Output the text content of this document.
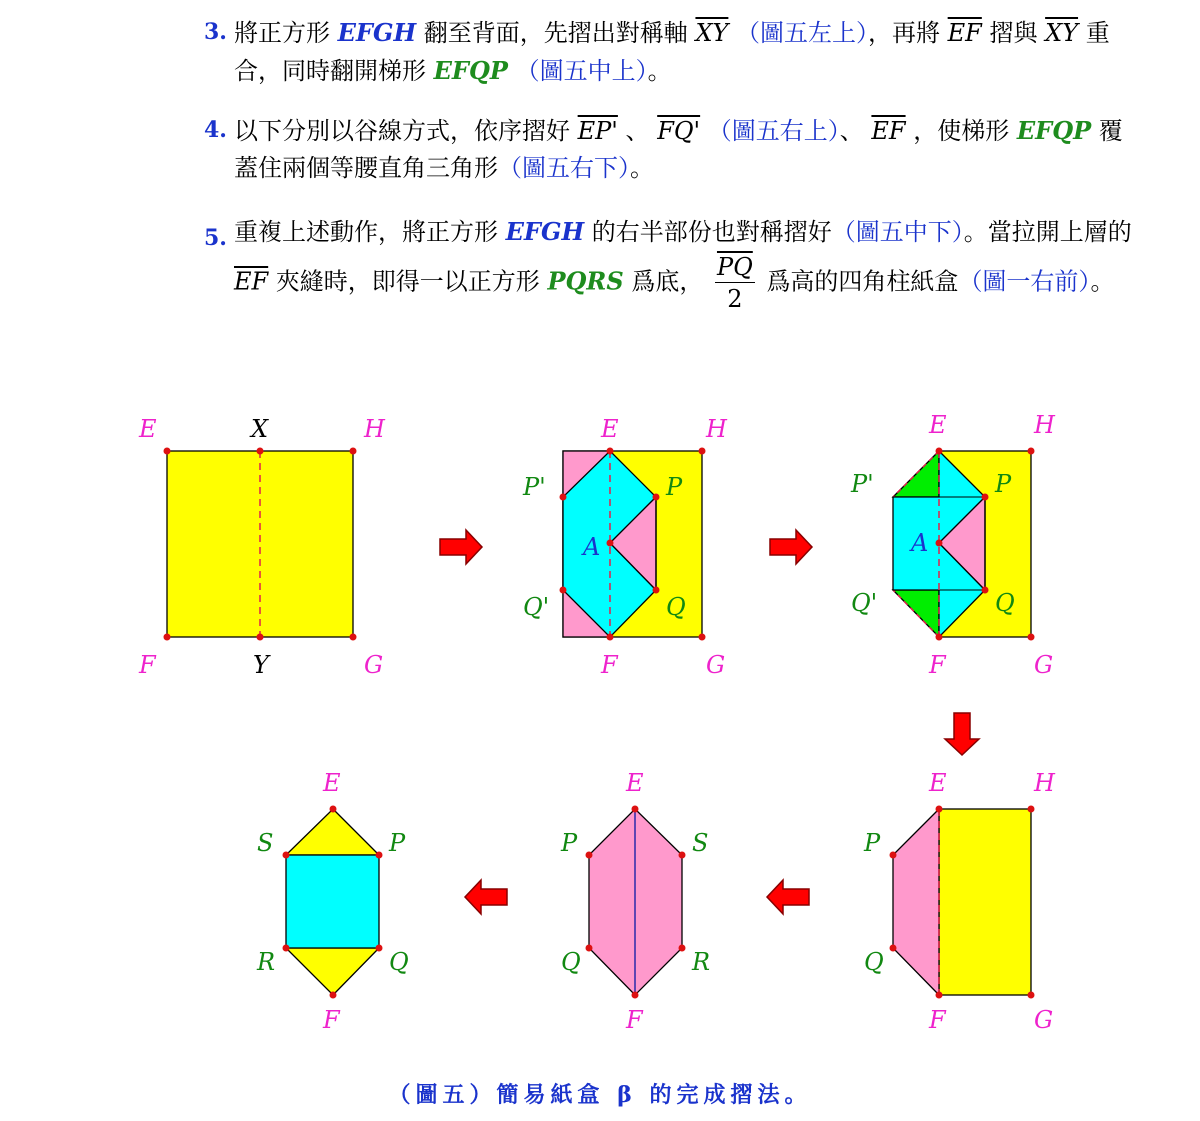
3. 將正方形 EFGH 翻至背面，先摺出對稱軸 $\overline{XY}$ （圖五左上），再將 $\overline{EF}$ 摺與 $\overline{XY}$ 重合，同時翻開梯形 EFQP （圖五中上）。
4. 以下分別以谷線方式，依序摺好 EP' 、 FQ' （圖五右上）、 $\overline{EF}$ ，使梯形 EFQP 覆蓋住兩個等腰直角三角形（圖五右下）。
5. 重複上述動作，將正方形 EFGH 的右半部份也對稱摺好（圖五中下）。當拉開上層的 $\overline{EF}$ 夾縫時，即得一以正方形 PQRS 爲底， $\frac{\overline{PQ}}{2}$ 爲高的四角柱紙盒（圖一右前）。
E	X	H
F	Y	G
E	H
P'	P
A
Q'	Q
F	G
E	H
P'	P
A
Q'	Q
F	G
E	H
P
Q
F	G
E
P	S
Q	R
F
E
S	P
R	Q
F
（圖五）簡易紙盒 β 的完成摺法。
